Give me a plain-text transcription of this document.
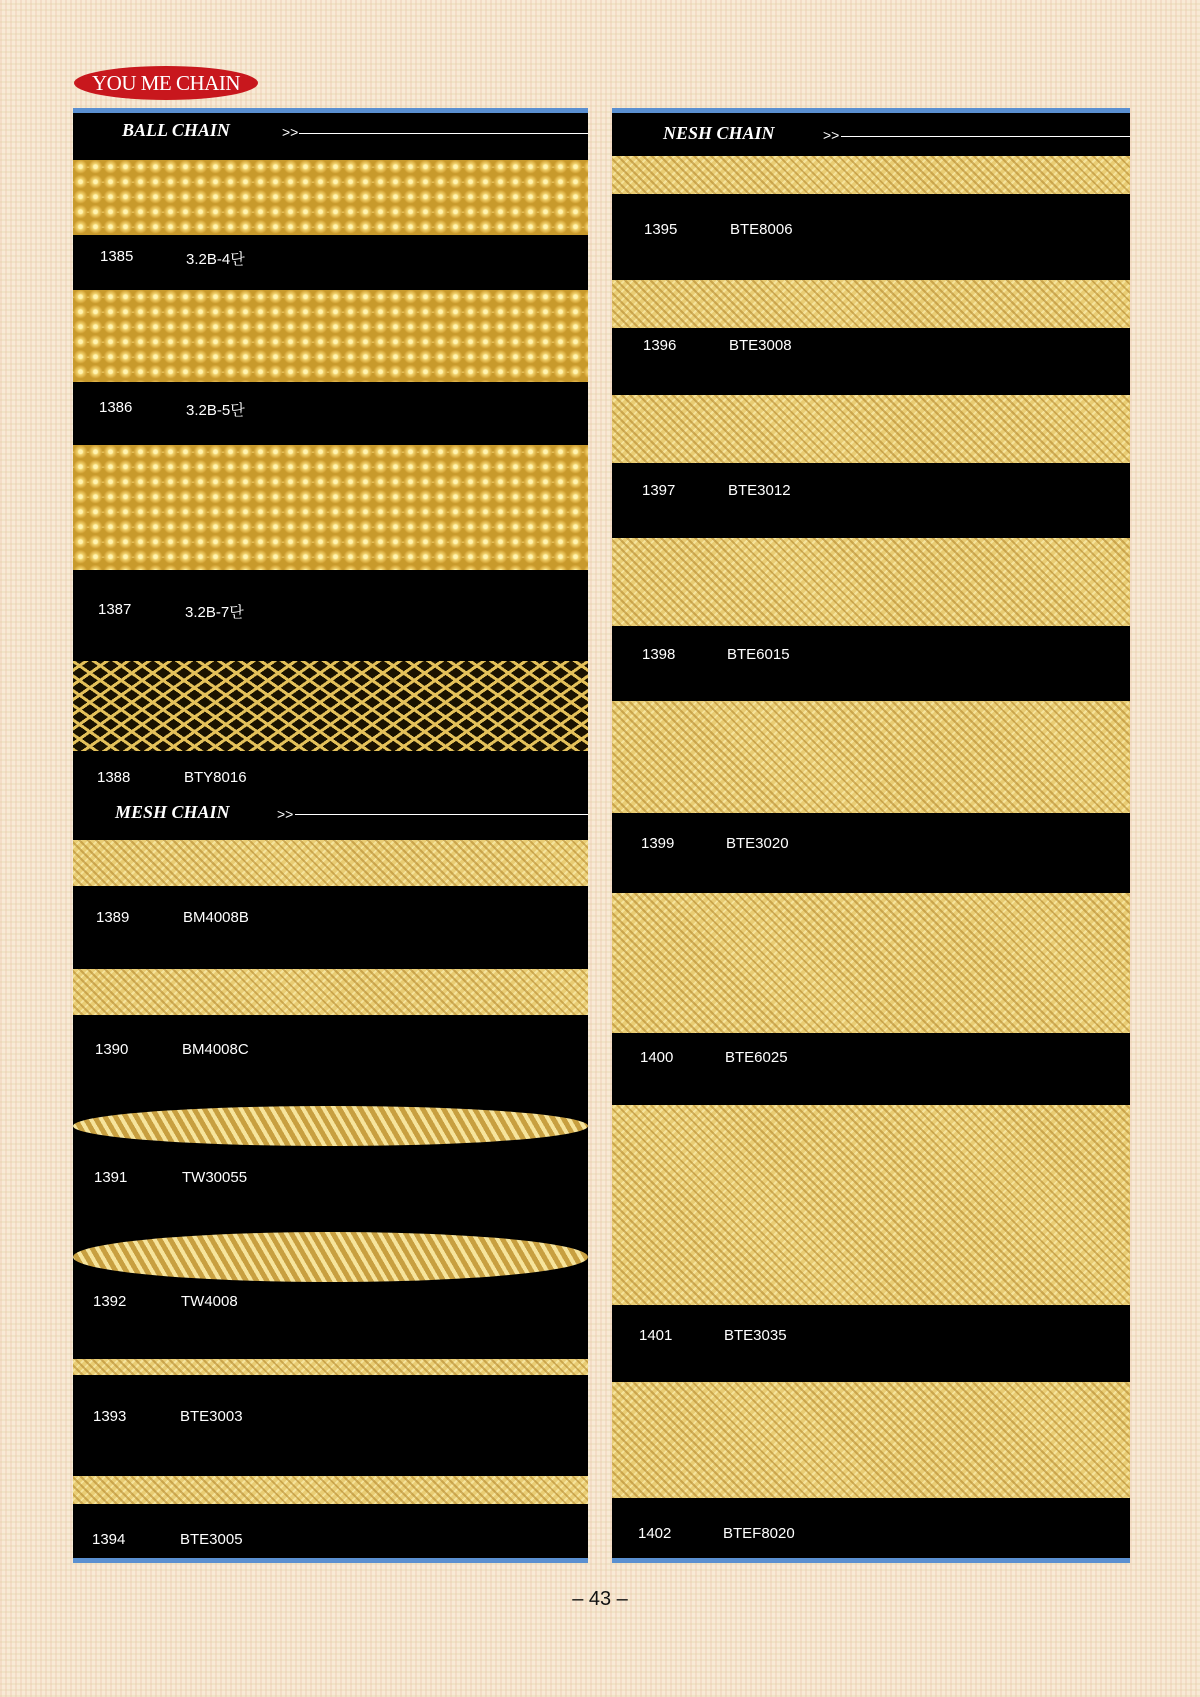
YOU ME CHAIN
BALL CHAIN	>>
1385	3.2B-4단
1386	3.2B-5단
1387	3.2B-7단
1388	BTY8016
MESH CHAIN	>>
1389	BM4008B
1390	BM4008C
1391	TW30055
1392	TW4008
1393	BTE3003
1394	BTE3005
NESH CHAIN	>>
1395	BTE8006
1396	BTE3008
1397	BTE3012
1398	BTE6015
1399	BTE3020
1400	BTE6025
1401	BTE3035
1402	BTEF8020
– 43 –
